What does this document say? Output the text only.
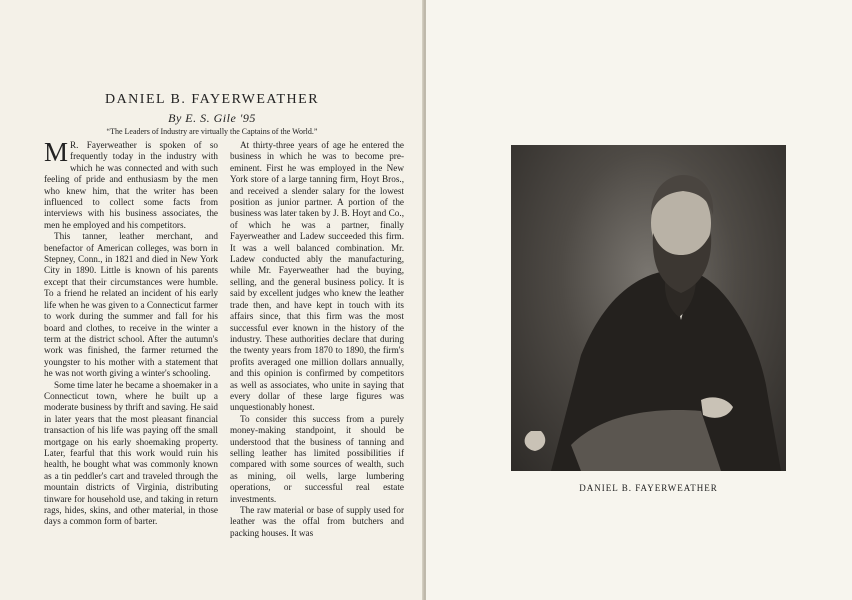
DANIEL B. FAYERWEATHER

By E. S. Gile '95

“The Leaders of Industry are virtually the Captains of the World.”

M R. Fayerweather is spoken of so frequently today in the industry with which he was connected and with such feeling of pride and enthusiasm by the men who knew him, that the writer has been influenced to collect some facts from interviews with his business associates, the men he employed and his competitors.

This tanner, leather merchant, and benefactor of American colleges, was born in Stepney, Conn., in 1821 and died in New York City in 1890. Little is known of his parents except that their circumstances were humble. To a friend he related an incident of his early life when he was given to a Connecticut farmer to work during the summer and fall for his board and clothes, to receive in the winter a term at the district school. After the autumn's work was finished, the farmer returned the youngster to his mother with a statement that he was not worth giving a winter's schooling.

Some time later he became a shoemaker in a Connecticut town, where he built up a moderate business by thrift and saving. He said in later years that the most pleasant financial transaction of his life was paying off the small mortgage on his early shoemaking property. Later, fearful that this work would ruin his health, he bought what was commonly known as a tin peddler's cart and traveled through the mountain districts of Virginia, distributing tinware for household use, and taking in return rags, hides, skins, and other material, in those days a common form of barter.

At thirty-three years of age he entered the business in which he was to become pre-eminent. First he was employed in the New York store of a large tanning firm, Hoyt Bros., and received a slender salary for the lowest position as junior partner. A portion of the business was later taken by J. B. Hoyt and Co., of which he was a partner, finally Fayerweather and Ladew succeeded this firm. It was a well balanced combination. Mr. Ladew conducted ably the manufacturing, while Mr. Fayerweather had the buying, selling, and the general business policy. It is said by excellent judges who knew the leather trade then, and have kept in touch with its affairs since, that this firm was the most successful ever known in the history of the industry. These authorities declare that during the twenty years from 1870 to 1890, the firm's profits averaged one million dollars annually, and this opinion is confirmed by competitors as well as associates, who unite in saying that every dollar of these large figures was unquestionably honest.

To consider this success from a purely money-making standpoint, it should be understood that the business of tanning and selling leather has limited possibilities if compared with some sources of wealth, such as mining, oil wells, large lumbering operations, or successful real estate investments.

The raw material or base of supply used for leather was the offal from butchers and packing houses. It was

DANIEL B. FAYERWEATHER
